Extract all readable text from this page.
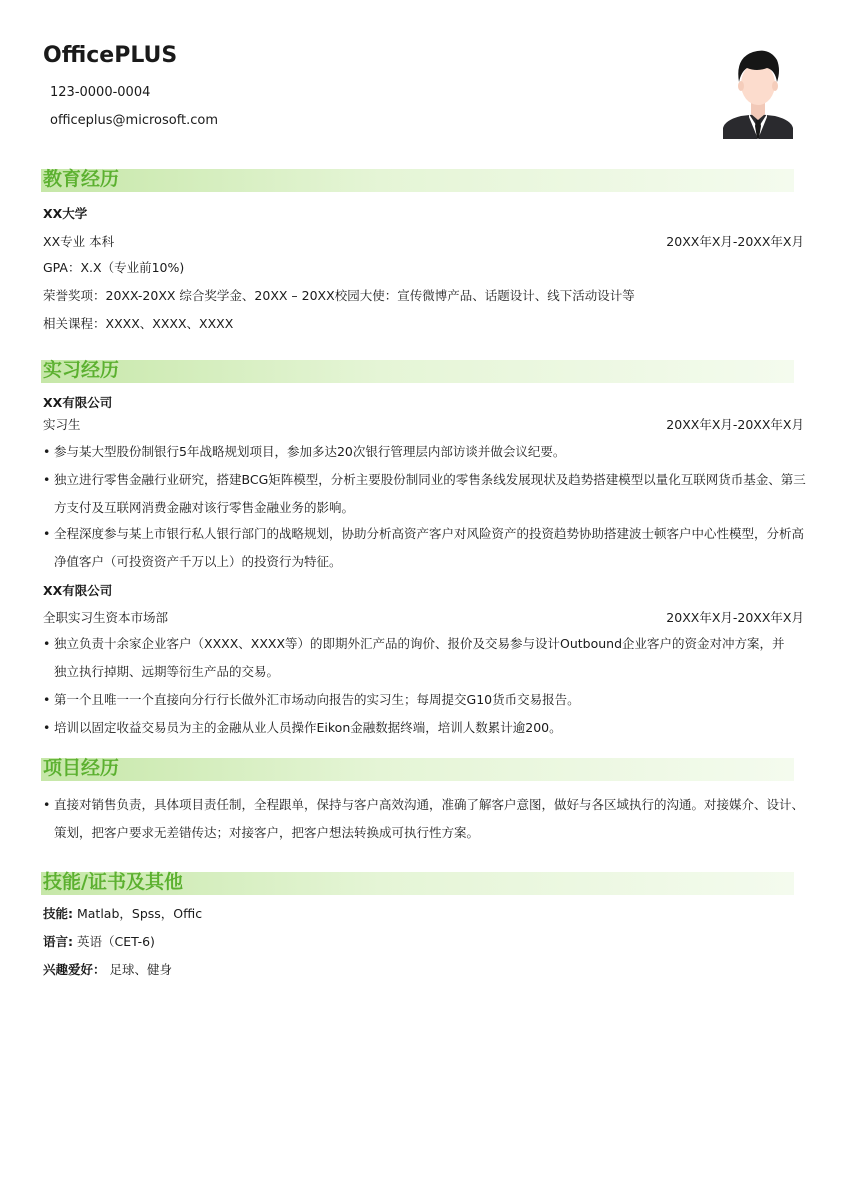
OfficePLUS
123-0000-0004
officeplus@microsoft.com
教育经历
XX大学
XX专业 本科	20XX年X月-20XX年X月
GPA：X.X（专业前10%)
荣誉奖项：20XX-20XX 综合奖学金、20XX – 20XX校园大使：宣传微博产品、话题设计、线下活动设计等
相关课程：XXXX、XXXX、XXXX
实习经历
XX有限公司
实习生	20XX年X月-20XX年X月
• 参与某大型股份制银行5年战略规划项目，参加多达20次银行管理层内部访谈并做会议纪要。
• 独立进行零售金融行业研究，搭建BCG矩阵模型，分析主要股份制同业的零售条线发展现状及趋势搭建模型以量化互联网货币基金、第三方支付及互联网消费金融对该行零售金融业务的影响。
• 全程深度参与某上市银行私人银行部门的战略规划，协助分析高资产客户对风险资产的投资趋势协助搭建波士顿客户中心性模型，分析高净值客户（可投资资产千万以上）的投资行为特征。
XX有限公司
全职实习生资本市场部	20XX年X月-20XX年X月
• 独立负责十余家企业客户（XXXX、XXXX等）的即期外汇产品的询价、报价及交易参与设计Outbound企业客户的资金对冲方案，并独立执行掉期、远期等衍生产品的交易。
• 第一个且唯一一个直接向分行行长做外汇市场动向报告的实习生；每周提交G10货币交易报告。
• 培训以固定收益交易员为主的金融从业人员操作Eikon金融数据终端，培训人数累计逾200。
项目经历
• 直接对销售负责，具体项目责任制，全程跟单，保持与客户高效沟通，准确了解客户意图，做好与各区域执行的沟通。对接媒介、设计、策划，把客户要求无差错传达；对接客户，把客户想法转换成可执行性方案。
技能/证书及其他
技能: Matlab，Spss，Offic
语言: 英语（CET-6)
兴趣爱好： 足球、健身
